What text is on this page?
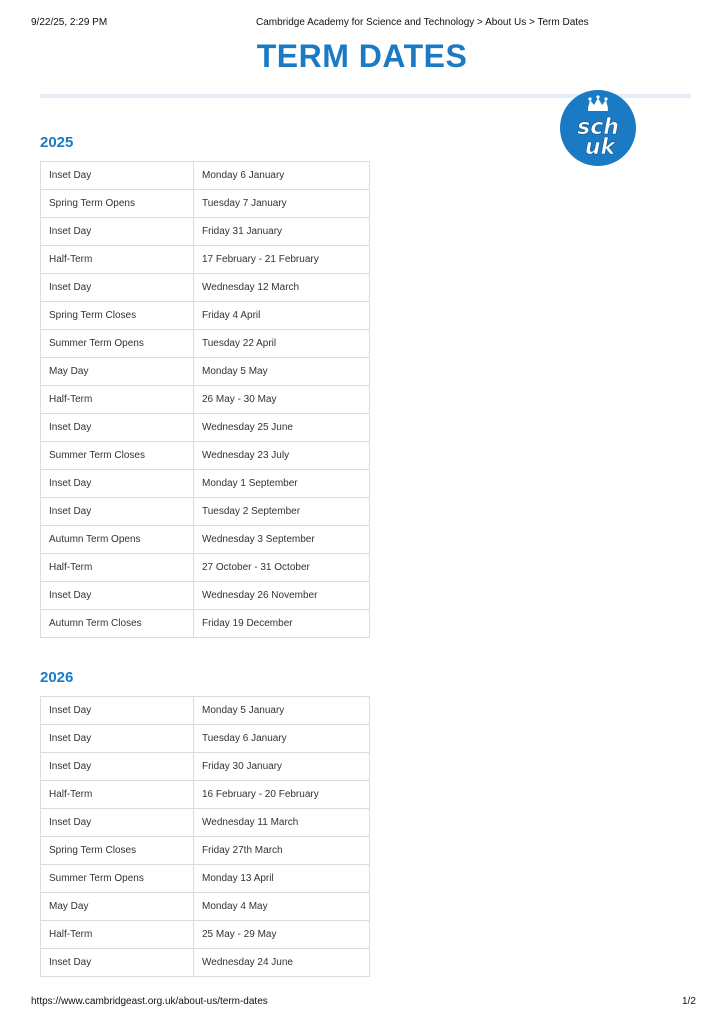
9/22/25, 2:29 PM	Cambridge Academy for Science and Technology > About Us > Term Dates
TERM DATES
sch
uk
2025
Inset Day	Monday 6 January
Spring Term Opens	Tuesday 7 January
Inset Day	Friday 31 January
Half-Term	17 February - 21 February
Inset Day	Wednesday 12 March
Spring Term Closes	Friday 4 April
Summer Term Opens	Tuesday 22 April
May Day	Monday 5 May
Half-Term	26 May - 30 May
Inset Day	Wednesday 25 June
Summer Term Closes	Wednesday 23 July
Inset Day	Monday 1 September
Inset Day	Tuesday 2 September
Autumn Term Opens	Wednesday 3 September
Half-Term	27 October - 31 October
Inset Day	Wednesday 26 November
Autumn Term Closes	Friday 19 December
2026
Inset Day	Monday 5 January
Inset Day	Tuesday 6 January
Inset Day	Friday 30 January
Half-Term	16 February - 20 February
Inset Day	Wednesday 11 March
Spring Term Closes	Friday 27th March
Summer Term Opens	Monday 13 April
May Day	Monday 4 May
Half-Term	25 May - 29 May
Inset Day	Wednesday 24 June
https://www.cambridgeast.org.uk/about-us/term-dates	1/2
